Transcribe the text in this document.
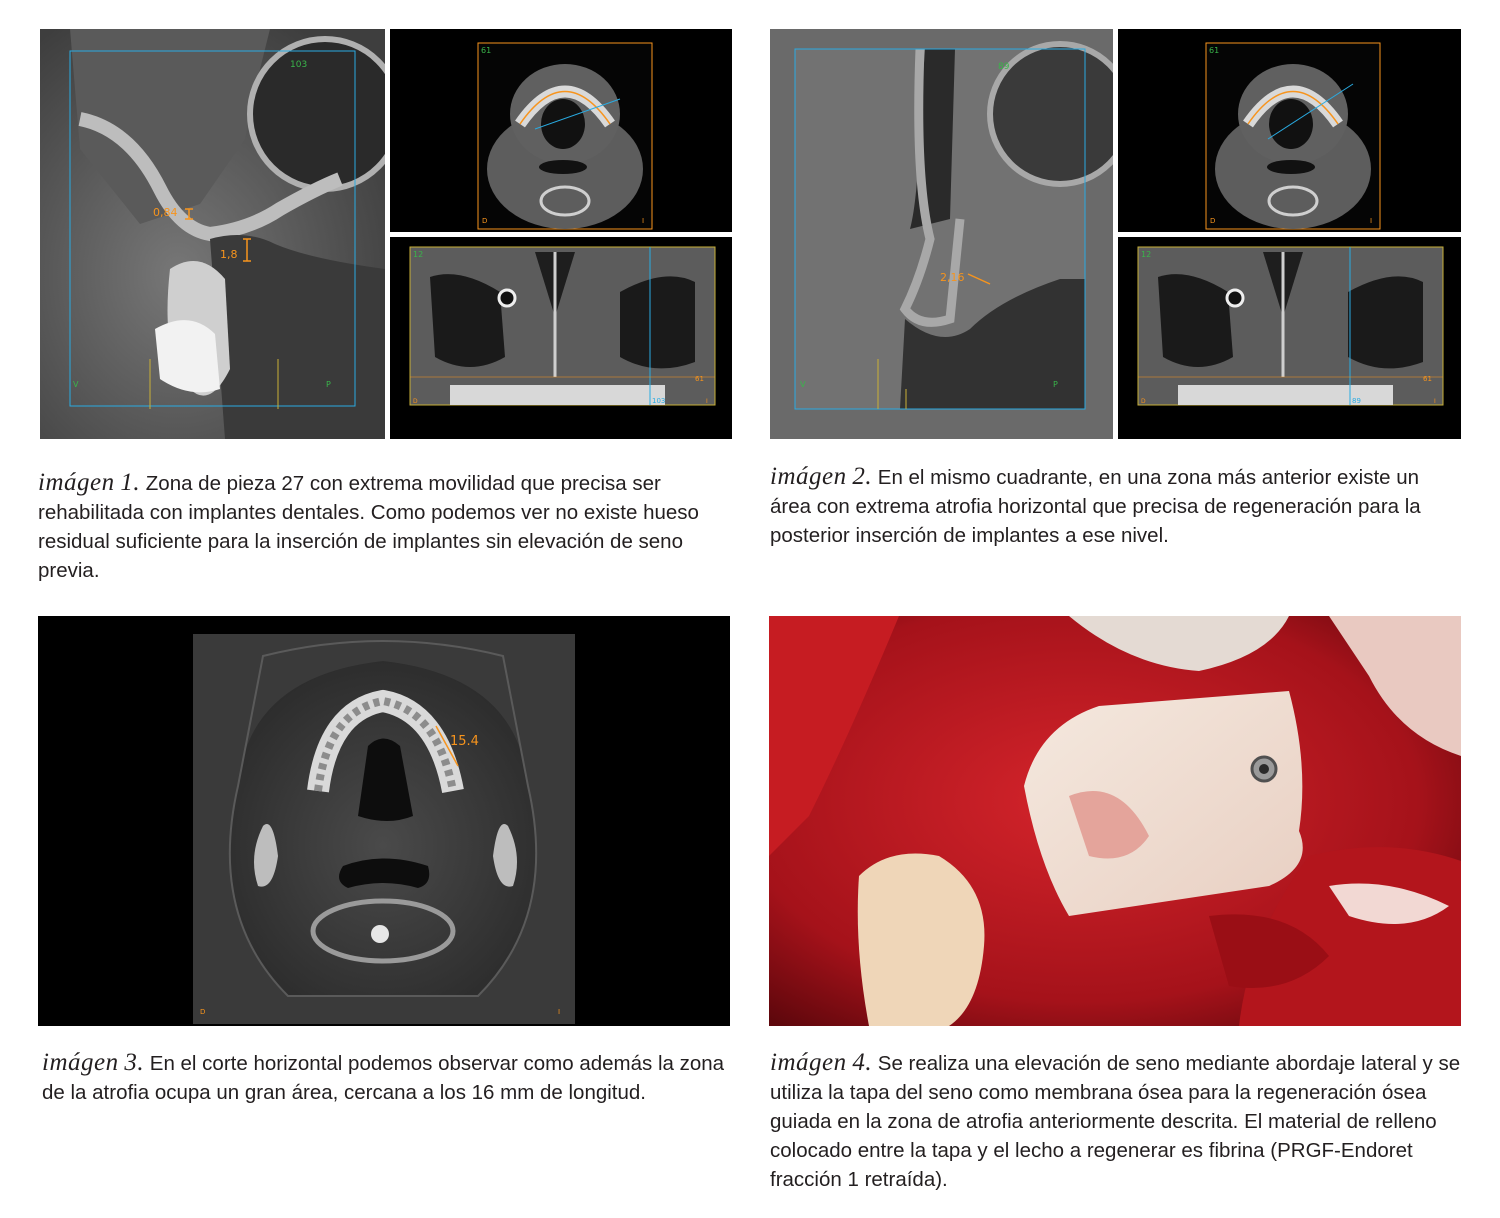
103
0,84
1,8
V	P
61
D	I
12
61
103
D	I
89
2,16
V	P
61
D	I
12
61
89
D	I

imágen 1. Zona de pieza 27 con extrema movilidad que precisa ser rehabilitada con implantes dentales. Como podemos ver no existe hueso residual suficiente para la inserción de implantes sin elevación de seno previa.

imágen 2. En el mismo cuadrante, en una zona más anterior existe un área con extrema atrofia horizontal que precisa de regeneración para la posterior inserción de implantes a ese nivel.

15.4
D	I

imágen 3. En el corte horizontal podemos observar como además la zona de la atrofia ocupa un gran área, cercana a los 16 mm de longitud.

imágen 4. Se realiza una elevación de seno mediante abordaje lateral y se utiliza la tapa del seno como membrana ósea para la regeneración ósea guiada en la zona de atrofia anteriormente descrita. El material de relleno colocado entre la tapa y el lecho a regenerar es fibrina (PRGF-Endoret fracción 1 retraída).
